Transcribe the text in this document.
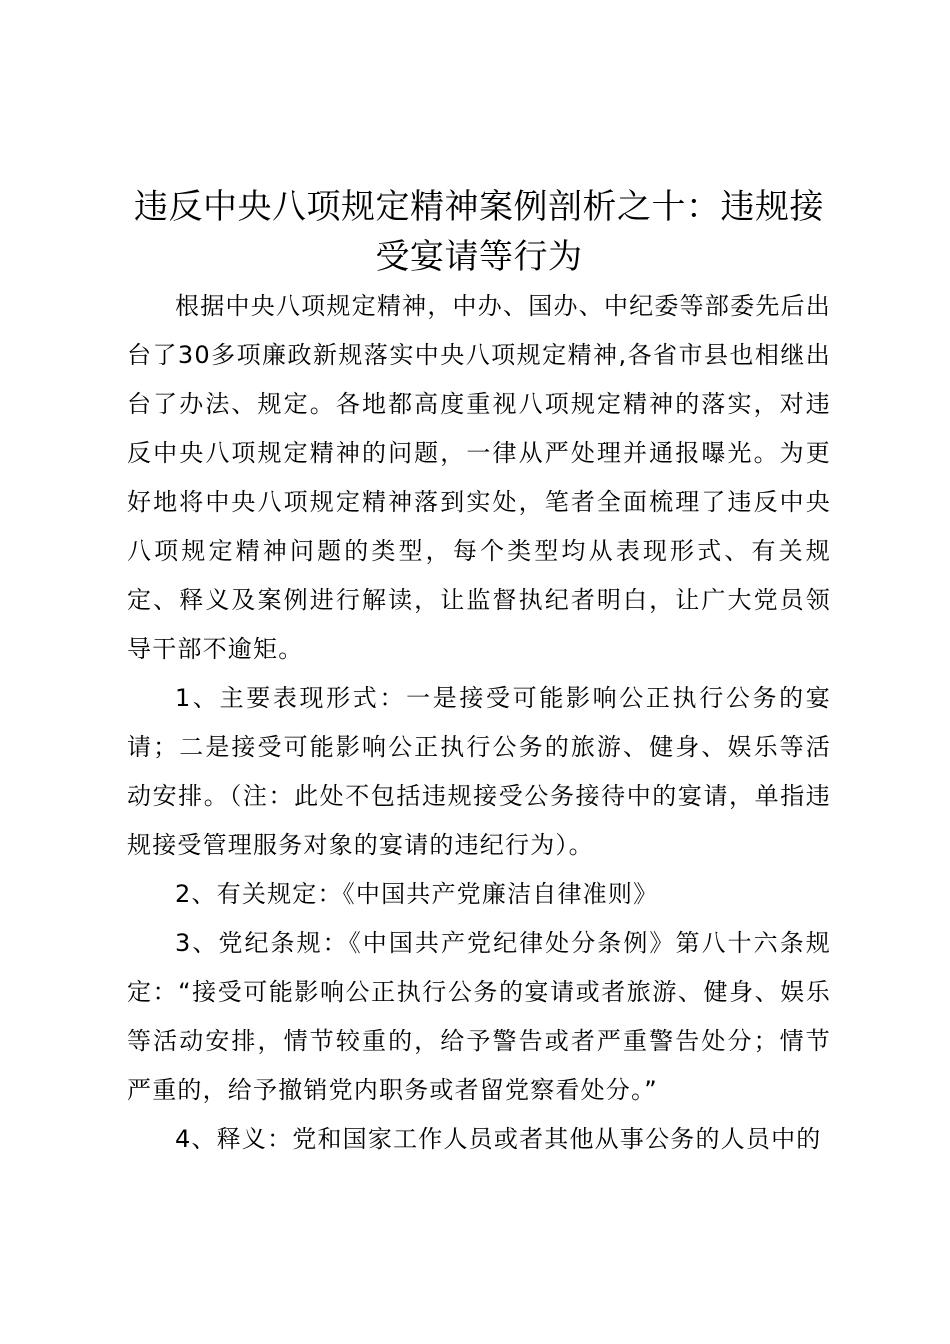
违反中央八项规定精神案例剖析之十：违规接受宴请等行为

根据中央八项规定精神，中办、国办、中纪委等部委先后出台了30多项廉政新规落实中央八项规定精神,各省市县也相继出台了办法、规定。各地都高度重视八项规定精神的落实，对违反中央八项规定精神的问题，一律从严处理并通报曝光。为更好地将中央八项规定精神落到实处，笔者全面梳理了违反中央八项规定精神问题的类型，每个类型均从表现形式、有关规定、释义及案例进行解读，让监督执纪者明白，让广大党员领导干部不逾矩。

1、主要表现形式：一是接受可能影响公正执行公务的宴请；二是接受可能影响公正执行公务的旅游、健身、娱乐等活动安排。（注：此处不包括违规接受公务接待中的宴请，单指违规接受管理服务对象的宴请的违纪行为）。

2、有关规定：《中国共产党廉洁自律准则》

3、党纪条规：《中国共产党纪律处分条例》第八十六条规定：“接受可能影响公正执行公务的宴请或者旅游、健身、娱乐等活动安排，情节较重的，给予警告或者严重警告处分；情节严重的，给予撤销党内职务或者留党察看处分。”

4、释义：党和国家工作人员或者其他从事公务的人员中的
